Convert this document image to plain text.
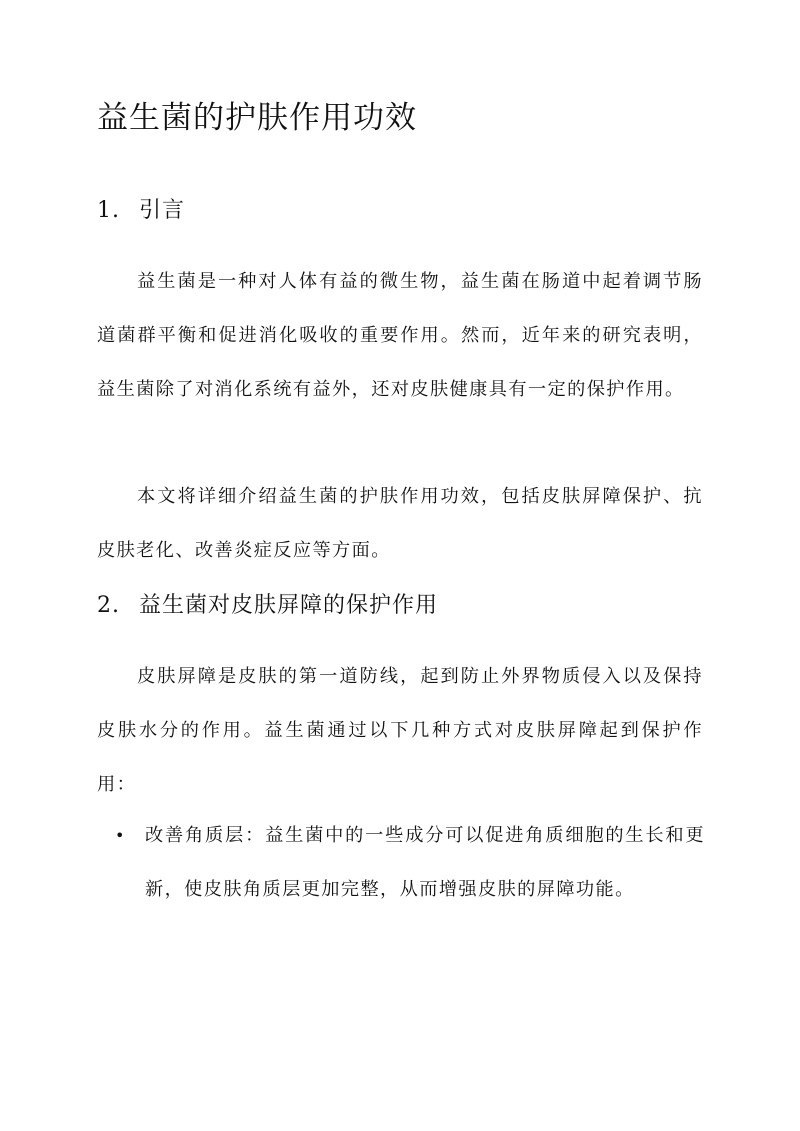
益生菌的护肤作用功效
1. 引言

益生菌是一种对人体有益的微生物，益生菌在肠道中起着调节肠道菌群平衡和促进消化吸收的重要作用。然而，近年来的研究表明，益生菌除了对消化系统有益外，还对皮肤健康具有一定的保护作用。

本文将详细介绍益生菌的护肤作用功效，包括皮肤屏障保护、抗皮肤老化、改善炎症反应等方面。

2. 益生菌对皮肤屏障的保护作用

皮肤屏障是皮肤的第一道防线，起到防止外界物质侵入以及保持皮肤水分的作用。益生菌通过以下几种方式对皮肤屏障起到保护作用：

• 改善角质层：益生菌中的一些成分可以促进角质细胞的生长和更新，使皮肤角质层更加完整，从而增强皮肤的屏障功能。
